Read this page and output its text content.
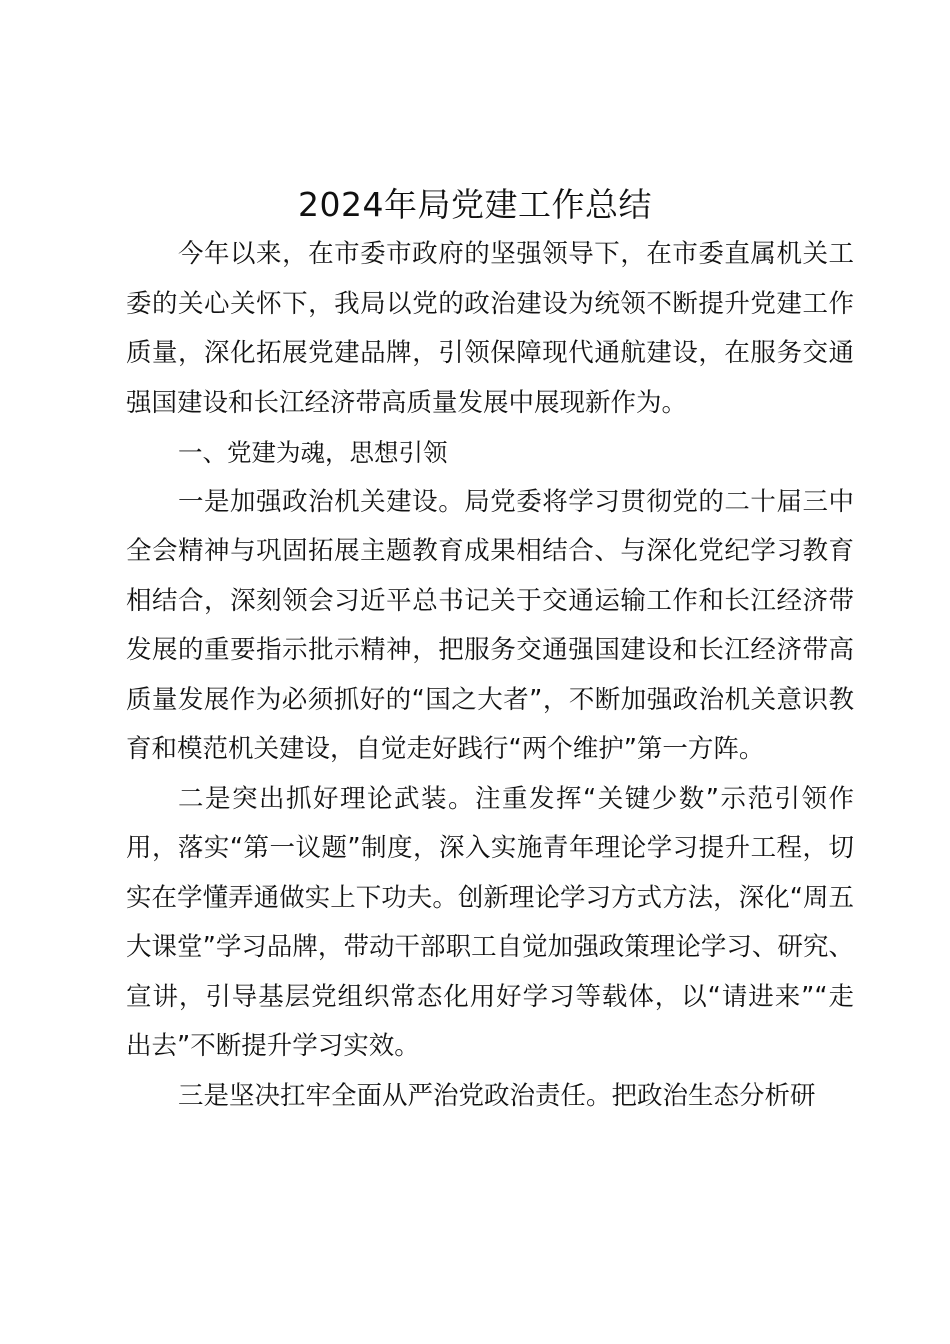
2024年局党建工作总结

今年以来，在市委市政府的坚强领导下，在市委直属机关工委的关心关怀下，我局以党的政治建设为统领不断提升党建工作质量，深化拓展党建品牌，引领保障现代通航建设，在服务交通强国建设和长江经济带高质量发展中展现新作为。

一、党建为魂，思想引领

一是加强政治机关建设。局党委将学习贯彻党的二十届三中全会精神与巩固拓展主题教育成果相结合、与深化党纪学习教育相结合，深刻领会习近平总书记关于交通运输工作和长江经济带发展的重要指示批示精神，把服务交通强国建设和长江经济带高质量发展作为必须抓好的“国之大者”，不断加强政治机关意识教育和模范机关建设，自觉走好践行“两个维护”第一方阵。

二是突出抓好理论武装。注重发挥“关键少数”示范引领作用，落实“第一议题”制度，深入实施青年理论学习提升工程，切实在学懂弄通做实上下功夫。创新理论学习方式方法，深化“周五大课堂”学习品牌，带动干部职工自觉加强政策理论学习、研究、宣讲，引导基层党组织常态化用好学习等载体，以“请进来”“走出去”不断提升学习实效。

三是坚决扛牢全面从严治党政治责任。把政治生态分析研
